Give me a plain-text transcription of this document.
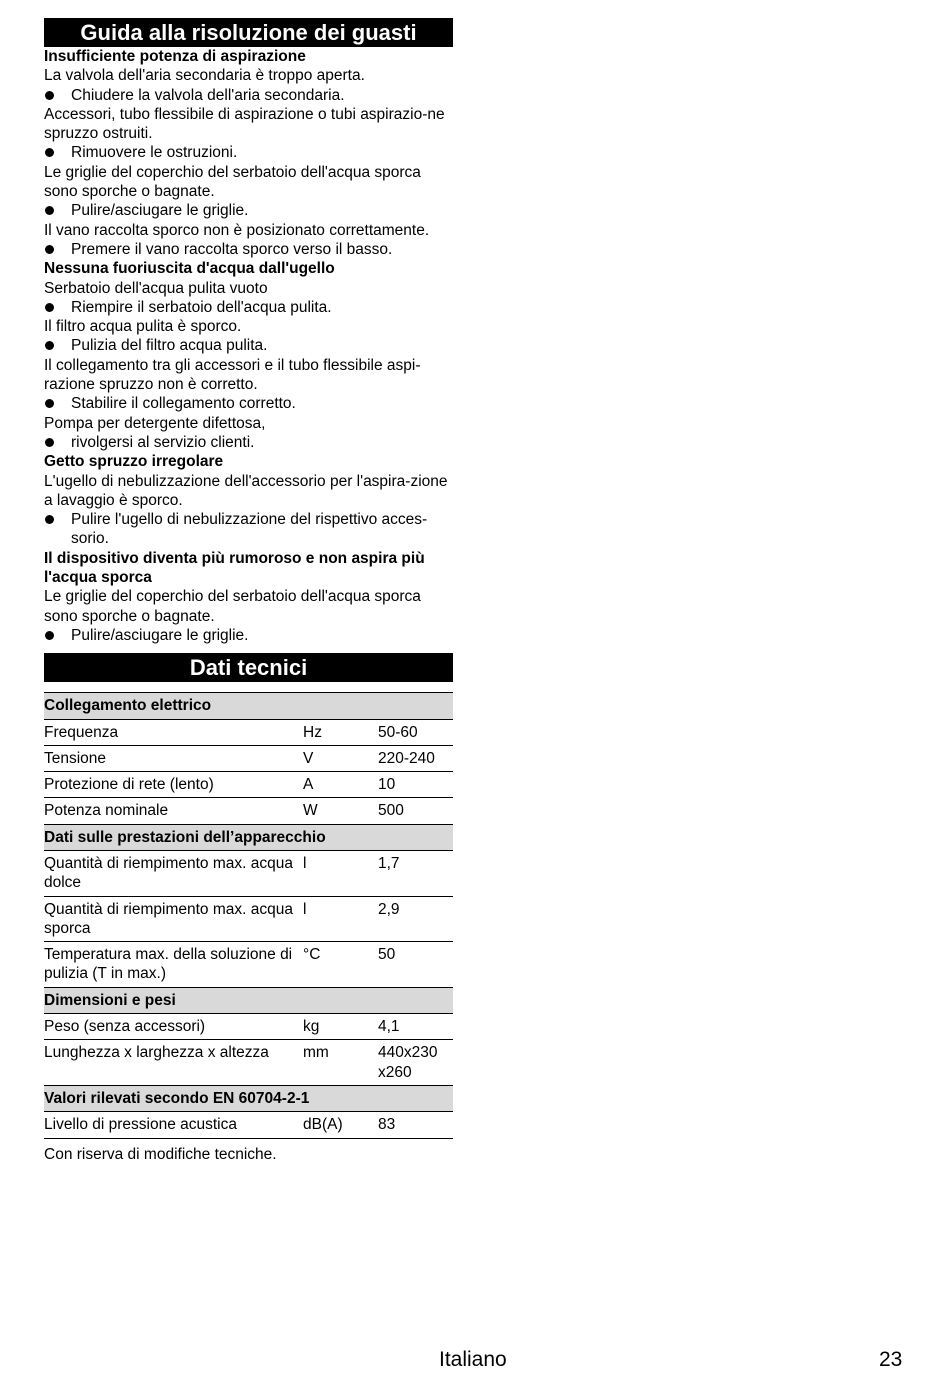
Guida alla risoluzione dei guasti
Insufficiente potenza di aspirazione
La valvola dell'aria secondaria è troppo aperta.
Chiudere la valvola dell'aria secondaria.
Accessori, tubo flessibile di aspirazione o tubi aspirazio-ne spruzzo ostruiti.
Rimuovere le ostruzioni.
Le griglie del coperchio del serbatoio dell'acqua sporca sono sporche o bagnate.
Pulire/asciugare le griglie.
Il vano raccolta sporco non è posizionato correttamente.
Premere il vano raccolta sporco verso il basso.
Nessuna fuoriuscita d'acqua dall'ugello
Serbatoio dell'acqua pulita vuoto
Riempire il serbatoio dell'acqua pulita.
Il filtro acqua pulita è sporco.
Pulizia del filtro acqua pulita.
Il collegamento tra gli accessori e il tubo flessibile aspi-razione spruzzo non è corretto.
Stabilire il collegamento corretto.
Pompa per detergente difettosa,
rivolgersi al servizio clienti.
Getto spruzzo irregolare
L'ugello di nebulizzazione dell'accessorio per l'aspira-zione a lavaggio è sporco.
Pulire l'ugello di nebulizzazione del rispettivo acces-sorio.
Il dispositivo diventa più rumoroso e non aspira più l'acqua sporca
Le griglie del coperchio del serbatoio dell'acqua sporca sono sporche o bagnate.
Pulire/asciugare le griglie.
Dati tecnici
Collegamento elettrico		
Frequenza	Hz	50-60
Tensione	V	220-240
Protezione di rete (lento)	A	10
Potenza nominale	W	500
Dati sulle prestazioni dell’apparecchio		
Quantità di riempimento max. acqua dolce	l	1,7
Quantità di riempimento max. acqua sporca	l	2,9
Temperatura max. della soluzione di pulizia (T in max.)	°C	50
Dimensioni e pesi		
Peso (senza accessori)	kg	4,1
Lunghezza x larghezza x altezza	mm	440x230 x260
Valori rilevati secondo EN 60704-2-1		
Livello di pressione acustica	dB(A)	83
Con riserva di modifiche tecniche.
Italiano	23
